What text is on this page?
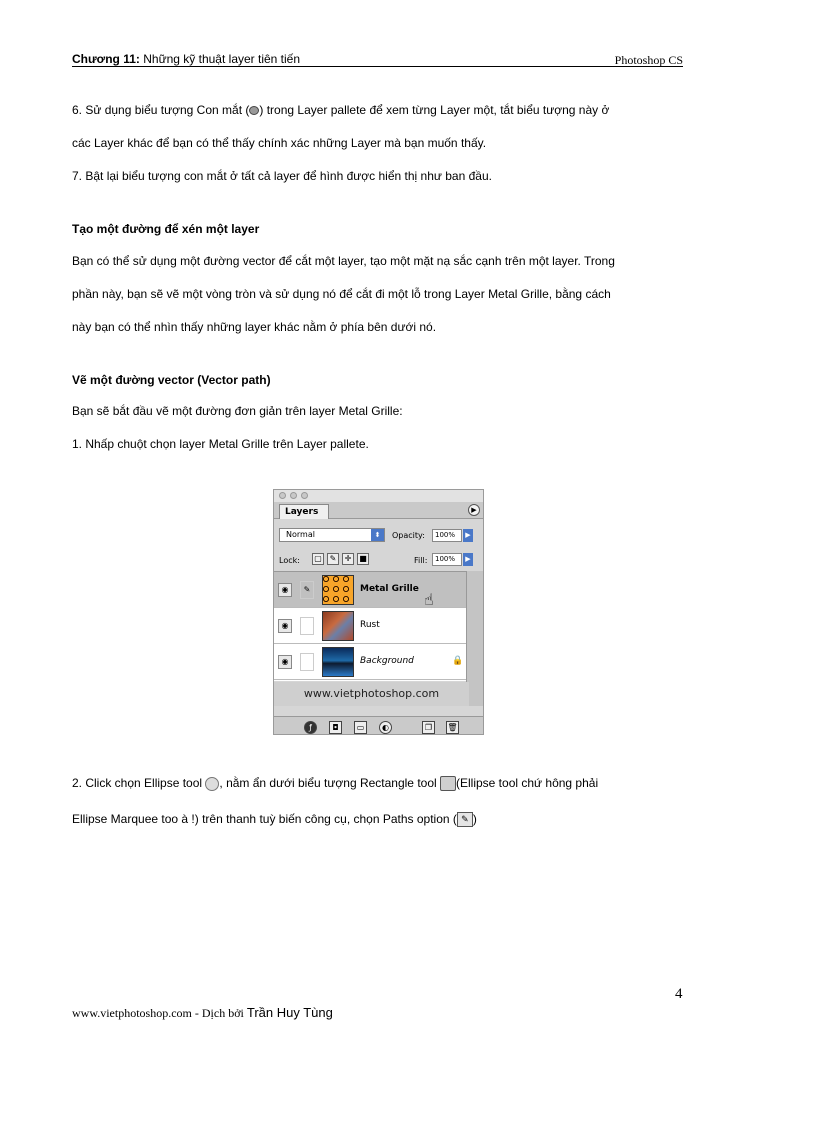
Chương 11: Những kỹ thuật layer tiên tiến	Photoshop CS
6. Sử dụng biểu tượng Con mắt ( ) trong Layer pallete để xem từng Layer một, tắt biểu tượng này ở
các Layer khác để bạn có thể thấy chính xác những Layer mà bạn muốn thấy.
7. Bật lại biểu tượng con mắt ở tất cả layer để hình được hiển thị như ban đầu.
Tạo một đường để xén một layer
Bạn có thể sử dụng một đường vector để cắt một layer, tạo một mặt nạ sắc cạnh trên một layer. Trong
phần này, bạn sẽ vẽ một vòng tròn và sử dụng nó để cắt đi một lỗ trong Layer Metal Grille, bằng cách
này bạn có thể nhìn thấy những layer khác nằm ở phía bên dưới nó.
Vẽ một đường vector (Vector path)
Bạn sẽ bắt đầu vẽ một đường đơn giản trên layer Metal Grille:
1. Nhấp chuột chọn layer Metal Grille trên Layer pallete.
Layers	▶
Normal	⬍	Opacity:	100%	▶
Lock: ▢ ✎	✛ ■	Fill:	100%	▶
◉	✎	Metal Grille
☝
◉	Rust
◉	Background	🔒
www.vietphotoshop.com
ƒ	◘	▭	◐	❐	🗑
2. Click chọn Ellipse tool , nằm ẩn dưới biểu tượng Rectangle tool (Ellipse tool chứ hông phải
Ellipse Marquee too à !) trên thanh tuỳ biến công cụ, chọn Paths option ( ✎ )
4
www.vietphotoshop.com - Dịch bởi Trần Huy Tùng
